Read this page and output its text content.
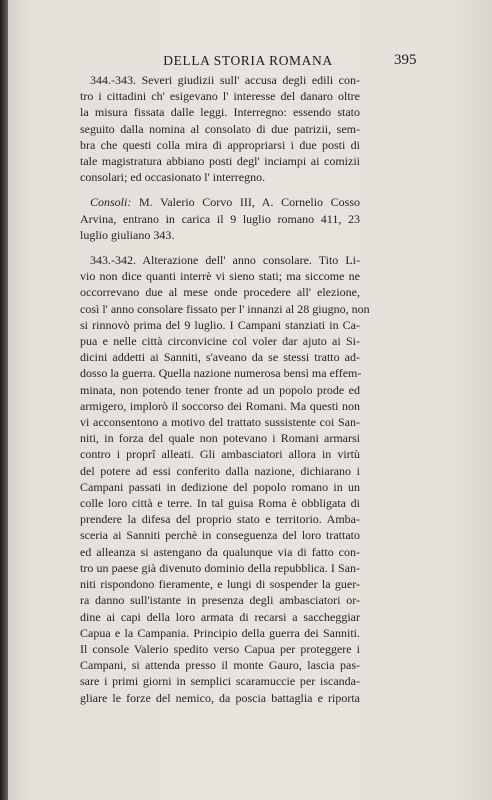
DELLA STORIA ROMANA	395
344.-343. Severi giudizii sull' accusa degli edili con-
tro i cittadini ch' esigevano l' interesse del danaro oltre
la misura fissata dalle leggi. Interregno: essendo stato
seguito dalla nomina al consolato di due patrizii, sem-
bra che questi colla mira di appropriarsi i due posti di
tale magistratura abbiano posti degl' inciampi ai comizii
consolari; ed occasionato l' interregno.
Consoli: M. Valerio Corvo III, A. Cornelio Cosso
Arvina, entrano in carica il 9 luglio romano 411, 23
luglio giuliano 343.
343.-342. Alterazione dell' anno consolare. Tito Li-
vio non dice quanti interrè vi sieno stati; ma siccome ne
occorrevano due al mese onde procedere all' elezione,
così l' anno consolare fissato per l' innanzi al 28 giugno, non
si rinnovò prima del 9 luglio. I Campani stanziati in Ca-
pua e nelle città circonvicine col voler dar ajuto ai Si-
dicini addetti ai Sanniti, s'aveano da se stessi tratto ad-
dosso la guerra. Quella nazione numerosa bensì ma effem-
minata, non potendo tener fronte ad un popolo prode ed
armigero, implorò il soccorso dei Romani. Ma questi non
vi acconsentono a motivo del trattato sussistente coi San-
niti, in forza del quale non potevano i Romani armarsi
contro i proprî alleati. Gli ambasciatori allora in virtù
del potere ad essi conferito dalla nazione, dichiarano i
Campani passati in dedizione del popolo romano in un
colle loro città e terre. In tal guisa Roma è obbligata di
prendere la difesa del proprio stato e territorio. Amba-
sceria ai Sanniti perchè in conseguenza del loro trattato
ed alleanza si astengano da qualunque via di fatto con-
tro un paese già divenuto dominio della repubblica. I San-
niti rispondono fieramente, e lungi di sospender la guer-
ra danno sull'istante in presenza degli ambasciatori or-
dine ai capi della loro armata di recarsi a saccheggiar
Capua e la Campania. Principio della guerra dei Sanniti.
Il console Valerio spedito verso Capua per proteggere i
Campani, si attenda presso il monte Gauro, lascia pas-
sare i primi giorni in semplici scaramuccie per iscanda-
gliare le forze del nemico, da poscia battaglia e riporta
